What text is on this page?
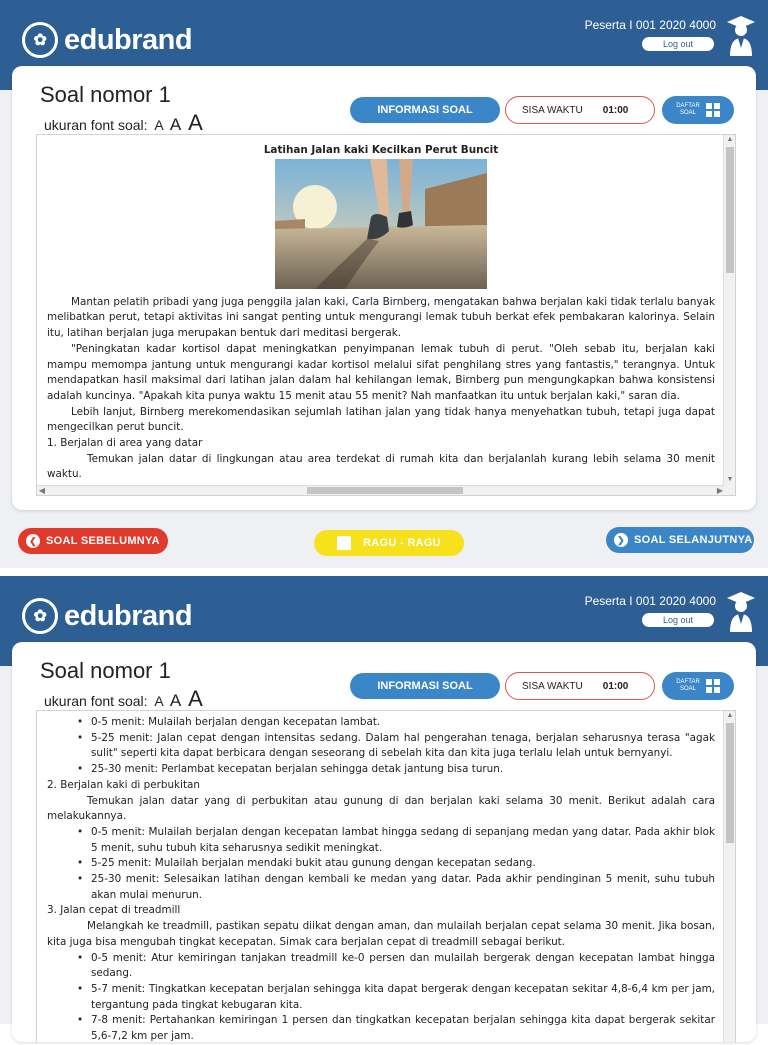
✿ edubrand	Peserta I 001 2020 4000
Log out
Soal nomor 1
ukuran font soal: A A A	INFORMASI SOAL	SISA WAKTU 01:00	DAFTAR
SOAL

Latihan Jalan kaki Kecilkan Perut Buncit

Mantan pelatih pribadi yang juga penggila jalan kaki, Carla Birnberg, mengatakan bahwa berjalan kaki tidak terlalu banyak melibatkan perut, tetapi aktivitas ini sangat penting untuk mengurangi lemak tubuh berkat efek pembakaran kalorinya. Selain itu, latihan berjalan juga merupakan bentuk dari meditasi bergerak.

"Peningkatan kadar kortisol dapat meningkatkan penyimpanan lemak tubuh di perut. "Oleh sebab itu, berjalan kaki mampu memompa jantung untuk mengurangi kadar kortisol melalui sifat penghilang stres yang fantastis," terangnya. Untuk mendapatkan hasil maksimal dari latihan jalan dalam hal kehilangan lemak, Birnberg pun mengungkapkan bahwa konsistensi adalah kuncinya. "Apakah kita punya waktu 15 menit atau 55 menit? Nah manfaatkan itu untuk berjalan kaki," saran dia.

Lebih lanjut, Birnberg merekomendasikan sejumlah latihan jalan yang tidak hanya menyehatkan tubuh, tetapi juga dapat mengecilkan perut buncit.

1. Berjalan di area yang datar

Temukan jalan datar di lingkungan atau area terdekat di rumah kita dan berjalanlah kurang lebih selama 30 menit waktu.

▲
▼
◀	▶
❮ SOAL SEBELUMNYA	RAGU - RAGU	❯ SOAL SELANJUTNYA
✿ edubrand	Peserta I 001 2020 4000
Log out
Soal nomor 1
ukuran font soal: A A A	INFORMASI SOAL	SISA WAKTU 01:00	DAFTAR
SOAL
• 0-5 menit: Mulailah berjalan dengan kecepatan lambat.
• 5-25 menit: Jalan cepat dengan intensitas sedang. Dalam hal pengerahan tenaga, berjalan seharusnya terasa "agak sulit" seperti kita dapat berbicara dengan seseorang di sebelah kita dan kita juga terlalu lelah untuk bernyanyi.
• 25-30 menit: Perlambat kecepatan berjalan sehingga detak jantung bisa turun.

2. Berjalan kaki di perbukitan

Temukan jalan datar yang di perbukitan atau gunung di dan berjalan kaki selama 30 menit. Berikut adalah cara melakukannya.

• 0-5 menit: Mulailah berjalan dengan kecepatan lambat hingga sedang di sepanjang medan yang datar. Pada akhir blok 5 menit, suhu tubuh kita seharusnya sedikit meningkat.
• 5-25 menit: Mulailah berjalan mendaki bukit atau gunung dengan kecepatan sedang.
• 25-30 menit: Selesaikan latihan dengan kembali ke medan yang datar. Pada akhir pendinginan 5 menit, suhu tubuh akan mulai menurun.

3. Jalan cepat di treadmill

Melangkah ke treadmill, pastikan sepatu diikat dengan aman, dan mulailah berjalan cepat selama 30 menit. Jika bosan, kita juga bisa mengubah tingkat kecepatan. Simak cara berjalan cepat di treadmill sebagai berikut.

• 0-5 menit: Atur kemiringan tanjakan treadmill ke-0 persen dan mulailah bergerak dengan kecepatan lambat hingga sedang.
• 5-7 menit: Tingkatkan kecepatan berjalan sehingga kita dapat bergerak dengan kecepatan sekitar 4,8-6,4 km per jam, tergantung pada tingkat kebugaran kita.
• 7-8 menit: Pertahankan kemiringan 1 persen dan tingkatkan kecepatan berjalan sehingga kita dapat bergerak sekitar 5,6-7,2 km per jam.
▲
